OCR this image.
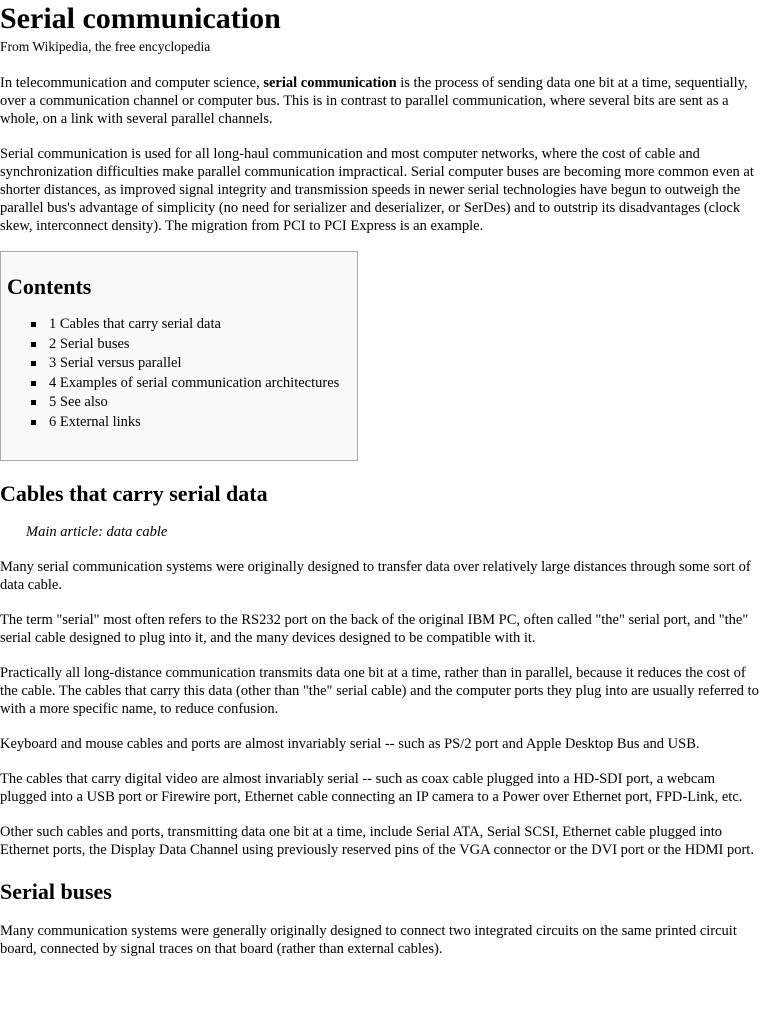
Serial communication
From Wikipedia, the free encyclopedia

In telecommunication and computer science, serial communication is the process of sending data one bit at a time, sequentially, over a communication channel or computer bus. This is in contrast to parallel communication, where several bits are sent as a whole, on a link with several parallel channels.

Serial communication is used for all long-haul communication and most computer networks, where the cost of cable and synchronization difficulties make parallel communication impractical. Serial computer buses are becoming more common even at shorter distances, as improved signal integrity and transmission speeds in newer serial technologies have begun to outweigh the parallel bus's advantage of simplicity (no need for serializer and deserializer, or SerDes) and to outstrip its disadvantages (clock skew, interconnect density). The migration from PCI to PCI Express is an example.

Contents
1 Cables that carry serial data
2 Serial buses
3 Serial versus parallel
4 Examples of serial communication architectures
5 See also
6 External links
Cables that carry serial data
Main article: data cable

Many serial communication systems were originally designed to transfer data over relatively large distances through some sort of data cable.

The term "serial" most often refers to the RS232 port on the back of the original IBM PC, often called "the" serial port, and "the" serial cable designed to plug into it, and the many devices designed to be compatible with it.

Practically all long-distance communication transmits data one bit at a time, rather than in parallel, because it reduces the cost of the cable. The cables that carry this data (other than "the" serial cable) and the computer ports they plug into are usually referred to with a more specific name, to reduce confusion.

Keyboard and mouse cables and ports are almost invariably serial -- such as PS/2 port and Apple Desktop Bus and USB.

The cables that carry digital video are almost invariably serial -- such as coax cable plugged into a HD-SDI port, a webcam plugged into a USB port or Firewire port, Ethernet cable connecting an IP camera to a Power over Ethernet port, FPD-Link, etc.

Other such cables and ports, transmitting data one bit at a time, include Serial ATA, Serial SCSI, Ethernet cable plugged into Ethernet ports, the Display Data Channel using previously reserved pins of the VGA connector or the DVI port or the HDMI port.

Serial buses

Many communication systems were generally originally designed to connect two integrated circuits on the same printed circuit board, connected by signal traces on that board (rather than external cables).
